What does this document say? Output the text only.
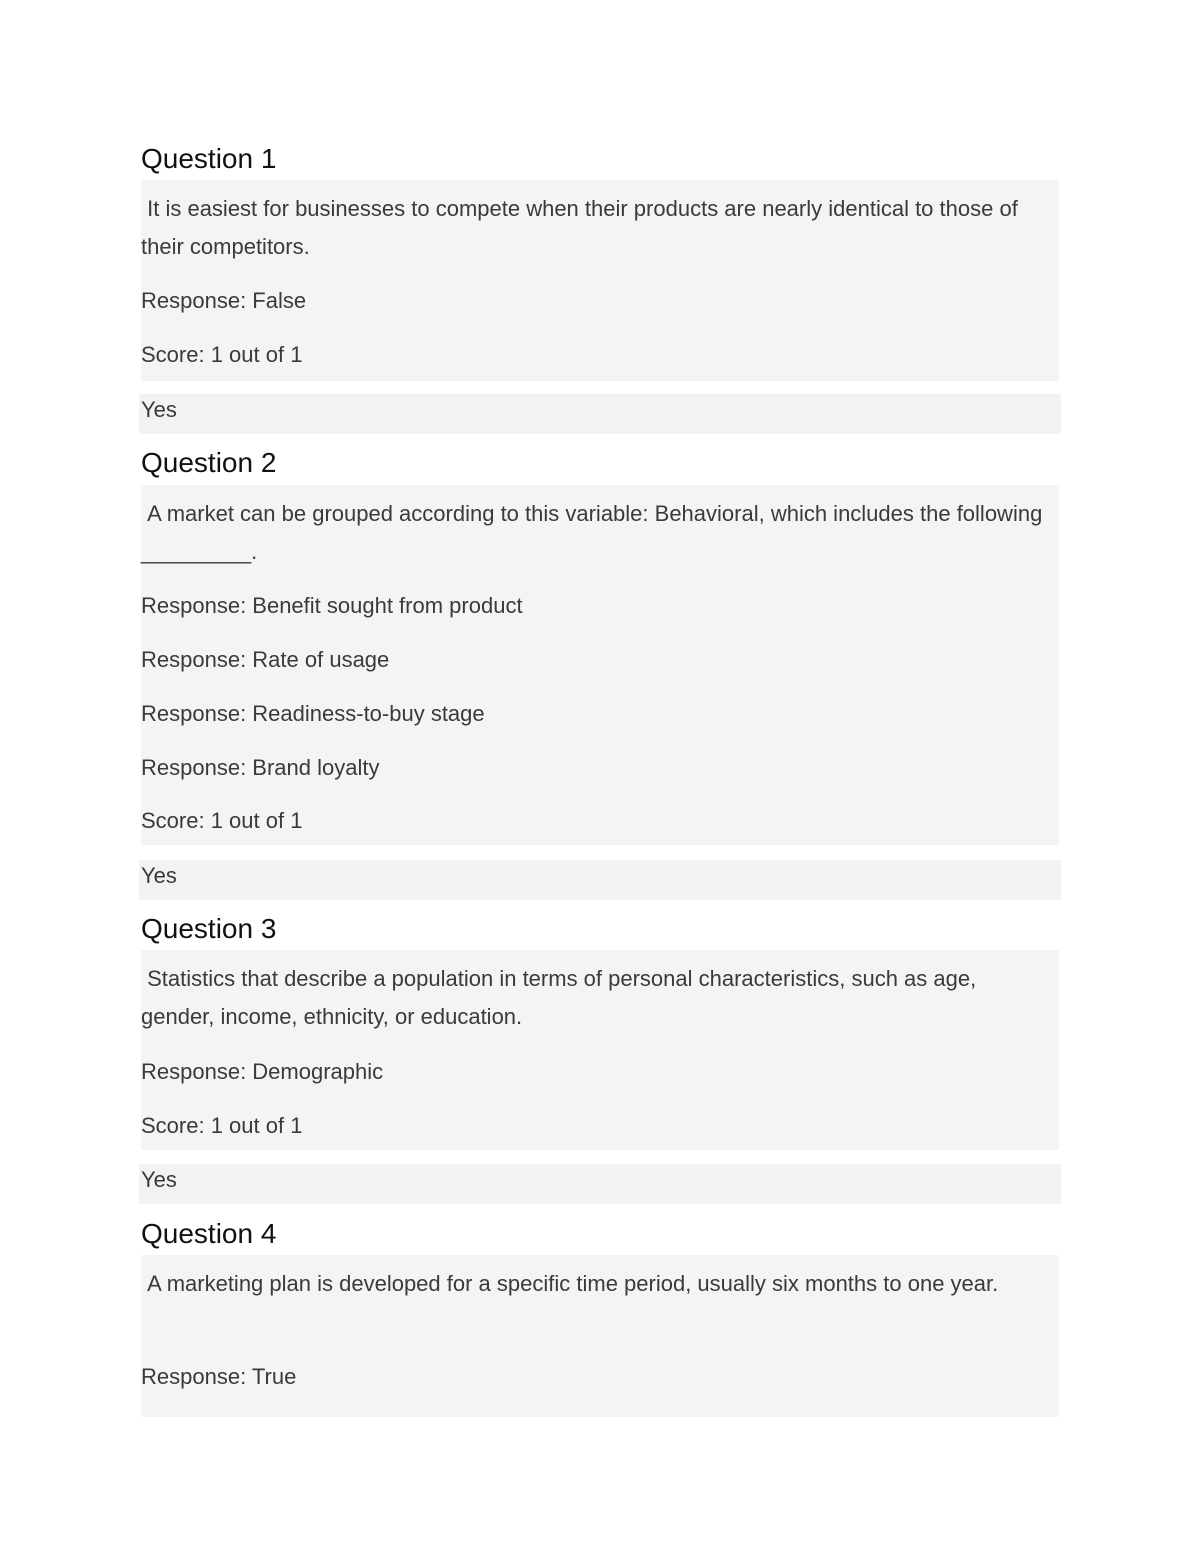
Question 1
It is easiest for businesses to compete when their products are nearly identical to those of their competitors.
Response: False
Score: 1 out of 1
Yes
Question 2
A market can be grouped according to this variable: Behavioral, which includes the following _________.
Response: Benefit sought from product
Response: Rate of usage
Response: Readiness-to-buy stage
Response: Brand loyalty
Score: 1 out of 1
Yes
Question 3
Statistics that describe a population in terms of personal characteristics, such as age, gender, income, ethnicity, or education.
Response: Demographic
Score: 1 out of 1
Yes
Question 4
A marketing plan is developed for a specific time period, usually six months to one year.
Response: True
